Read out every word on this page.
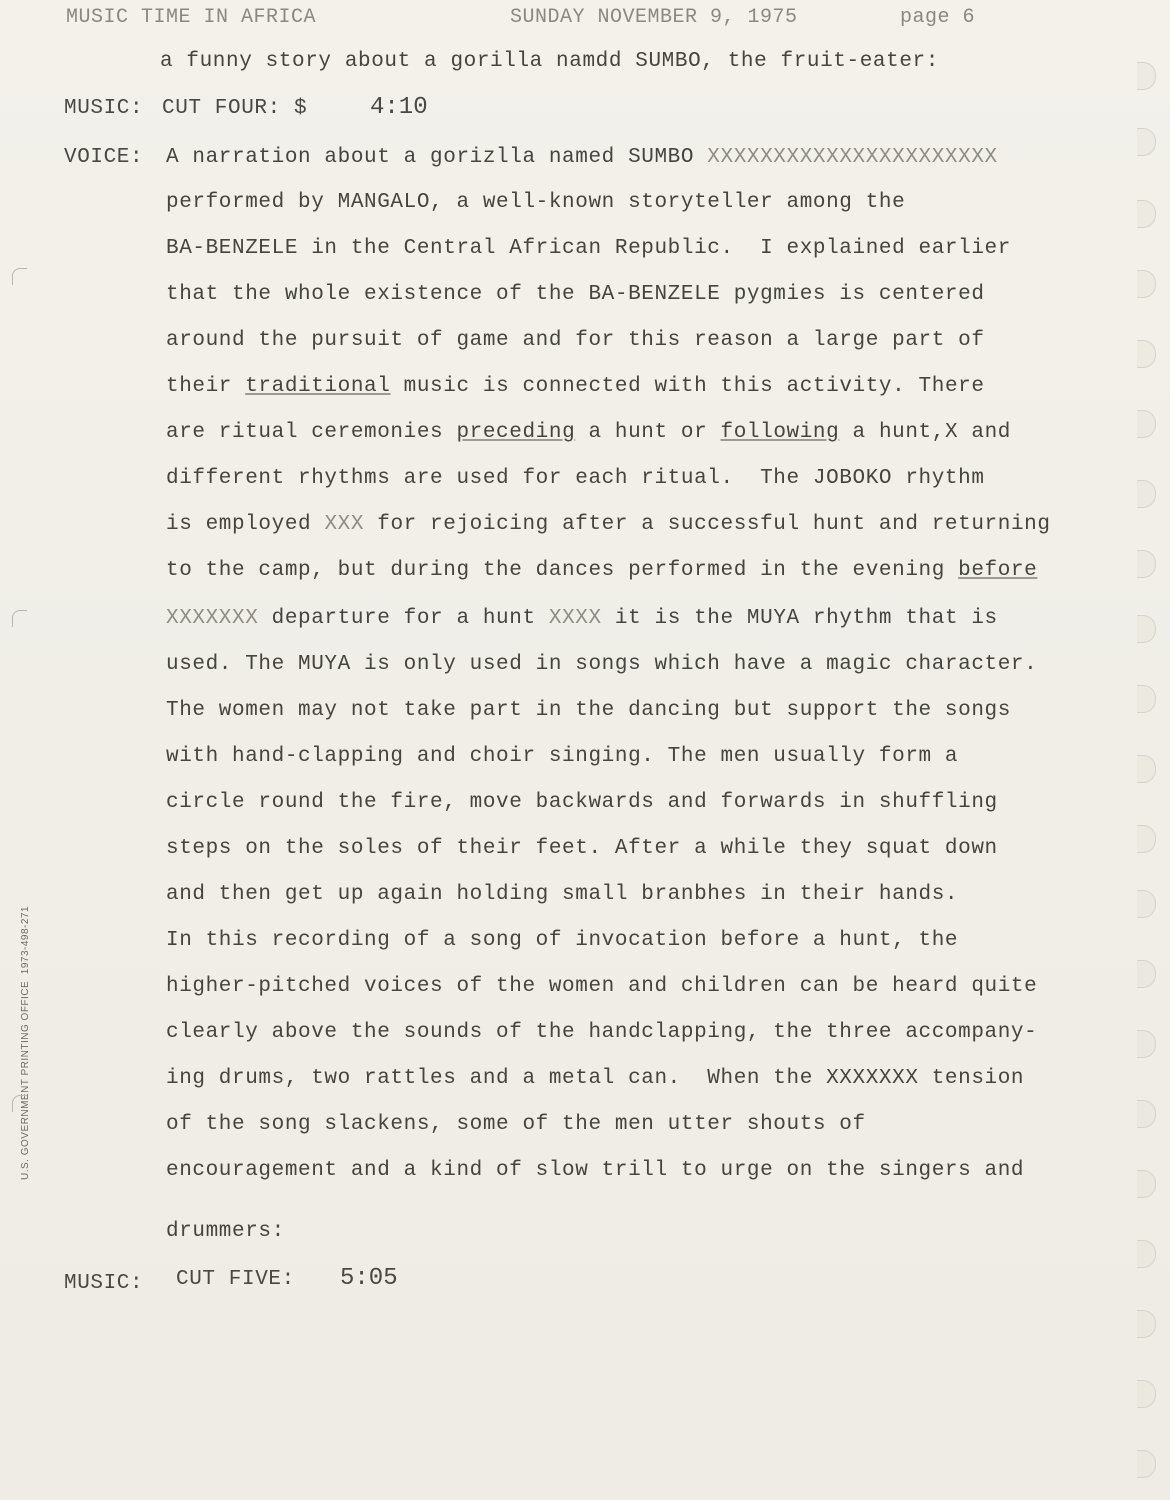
MUSIC TIME IN AFRICA	SUNDAY NOVEMBER 9, 1975	page 6
a funny story about a gorilla namdd SUMBO, the fruit-eater:
MUSIC: CUT FOUR: $	4:10
VOICE: A narration about a gorizlla named SUMBO XXXXXXXXXXXXXXXXXXXXXX
performed by MANGALO, a well-known storyteller among the
BA-BENZELE in the Central African Republic.  I explained earlier
that the whole existence of the BA-BENZELE pygmies is centered
around the pursuit of game and for this reason a large part of
their traditional music is connected with this activity. There
are ritual ceremonies preceding a hunt or following a hunt,X and
different rhythms are used for each ritual.  The JOBOKO rhythm
is employed XXX for rejoicing after a successful hunt and returning
to the camp, but during the dances performed in the evening before
XXXXXXX departure for a hunt XXXX it is the MUYA rhythm that is
used. The MUYA is only used in songs which have a magic character.
The women may not take part in the dancing but support the songs
with hand-clapping and choir singing. The men usually form a
circle round the fire, move backwards and forwards in shuffling
steps on the soles of their feet. After a while they squat down
and then get up again holding small branbhes in their hands.
In this recording of a song of invocation before a hunt, the
higher-pitched voices of the women and children can be heard quite
clearly above the sounds of the handclapping, the three accompany-
ing drums, two rattles and a metal can.  When the XXXXXXX tension
of the song slackens, some of the men utter shouts of
encouragement and a kind of slow trill to urge on the singers and
drummers:
MUSIC: CUT FIVE: 5:05
U.S. GOVERNMENT PRINTING OFFICE  1973-498-271
